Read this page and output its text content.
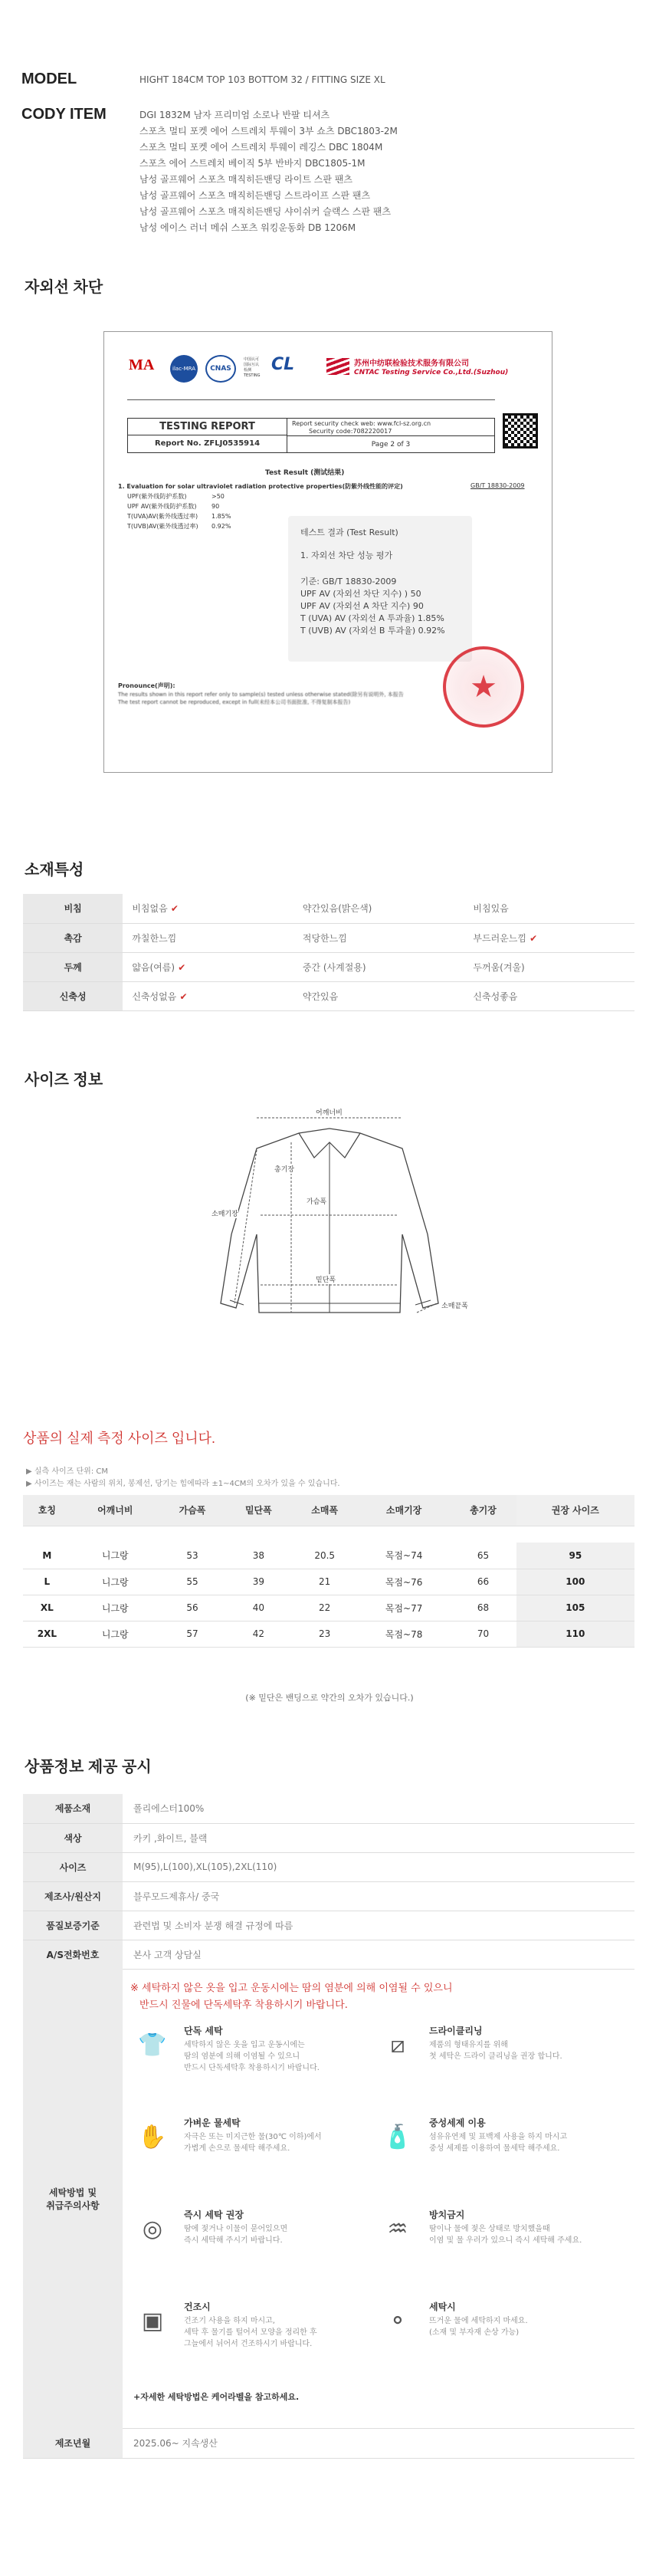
MODEL	HIGHT 184CM TOP 103 BOTTOM 32 / FITTING SIZE XL
CODY ITEM	DGI 1832M 남자 프리미엄 소로나 반팔 티셔츠
스포츠 멀티 포켓 에어 스트레치 투웨이 3부 쇼츠 DBC1803-2M
스포츠 멀티 포켓 에어 스트레치 투웨이 레깅스 DBC 1804M
스포츠 에어 스트레치 베이직 5부 반바지 DBC1805-1M
남성 골프웨어 스포츠 매직히든밴딩 라이트 스판 팬츠
남성 골프웨어 스포츠 매직히든밴딩 스트라이프 스판 팬츠
남성 골프웨어 스포츠 매직히든밴딩 샤이쉬커 슬랙스 스판 팬츠
남성 에이스 러너 메쉬 스포츠 워킹운동화 DB 1206M
자외선 차단
MA	ilac-MRA	CNAS
中国认可
国际互认
检测
TESTING
CL	苏州中纺联检验技术服务有限公司
CNTAC Testing Service Co.,Ltd.(Suzhou)
TESTING REPORT
Report No. ZFLJ0535914
Report security check web: www.fcl-sz.org.cn
Security code:7082220017
Page 2 of 3
Test Result (测试结果)
1. Evaluation for solar ultraviolet radiation protective properties(防紫外线性能的评定)	GB/T 18830-2009
UPF(紫外线防护系数)	>50
UPF AV(紫外线防护系数)	90
T(UVA)AV(紫外线透过率)	1.85%
T(UVB)AV(紫外线透过率)	0.92%
테스트 결과 (Test Result)
1. 자외선 차단 성능 평가
기준: GB/T 18830-2009
UPF AV (자외선 차단 지수) ) 50
UPF AV (자외선 A 차단 지수) 90
T (UVA) AV (자외선 A 투과율) 1.85%
T (UVB) AV (자외선 B 투과율) 0.92%
Pronounce(声明):
The results shown in this report refer only to sample(s) tested unless otherwise stated(除另有说明外, 本报告
The test report cannot be reproduced, except in full(未经本公司书面批准, 不得复制本报告)	★
소재특성
비침	비침없음 ✔	약간있음(밝은색)	비침있음
촉감	까칠한느낌	적당한느낌	부드러운느낌 ✔
두께	얇음(여름) ✔	중간 (사계절용)	두꺼움(겨울)
신축성	신축성없음 ✔	약간있음	신축성좋음
사이즈 정보
어깨너비
총기장
가슴폭
소매기장
밑단폭
소매끝폭
상품의 실제 측정 사이즈 입니다.
▶ 실측 사이즈 단위: CM
▶ 사이즈는 재는 사람의 위치, 봉제선, 당기는 힘에따라 ±1~4CM의 오차가 있을 수 있습니다.
호칭	어깨너비	가슴폭	밑단폭	소매폭	소매기장	총기장	권장 사이즈

M	니그랑	53	38	20.5	목점~74	65	95
L	니그랑	55	39	21	목점~76	66	100
XL	니그랑	56	40	22	목점~77	68	105
2XL	니그랑	57	42	23	목점~78	70	110
(※ 밑단은 밴딩으로 약간의 오차가 있습니다.)
상품정보 제공 공시
제품소재	폴리에스터100%
색상	카키 ,화이트, 블랙
사이즈	M(95),L(100),XL(105),2XL(110)
제조사/원산지	블루모드제휴사/ 중국
품질보증기준	관련법 및 소비자 분쟁 해결 규정에 따름
A/S전화번호	본사 고객 상담실
세탁방법 및
취급주의사항
※ 세탁하지 않은 옷을 입고 운동시에는 땀의 염분에 의해 이염될 수 있으니
반드시 진물에 단독세탁후 착용하시기 바랍니다.
👕
단독 세탁
세탁하지 않은 옷을 입고 운동시에는
땀의 염분에 의해 이염될 수 있으니
반드시 단독세탁후 착용하시기 바랍니다.
⧄
드라이클리닝
제품의 형태유지를 위해
첫 세탁은 드라이 클리닝을 권장 합니다.
✋
가벼운 물세탁
자극은 또는 미지근한 물(30℃ 이하)에서
가볍게 손으로 물세탁 해주세요.	🧴
중성세제 이용
섬유유연제 및 표백제 사용을 하지 마시고
중성 세제를 이용하여 물세탁 해주세요.
◎
즉시 세탁 권장
땀에 젖거나 이물이 묻어있으면
즉시 세탁해 주시기 바랍니다.	♒
방치금지
땀이나 물에 젖은 상태로 방치했을때
이염 및 물 우러가 있으니 즉시 세탁해 주세요.
▣
건조시
건조기 사용을 하지 마시고,
세탁 후 물기를 털어서 모양을 정리한 후
그늘에서 뉘어서 건조하시기 바랍니다.
⚬
세탁시
뜨거운 물에 세탁하지 마세요.
(소재 및 부자재 손상 가능)
+자세한 세탁방법은 케어라벨을 참고하세요.
제조년월	2025.06~ 지속생산
